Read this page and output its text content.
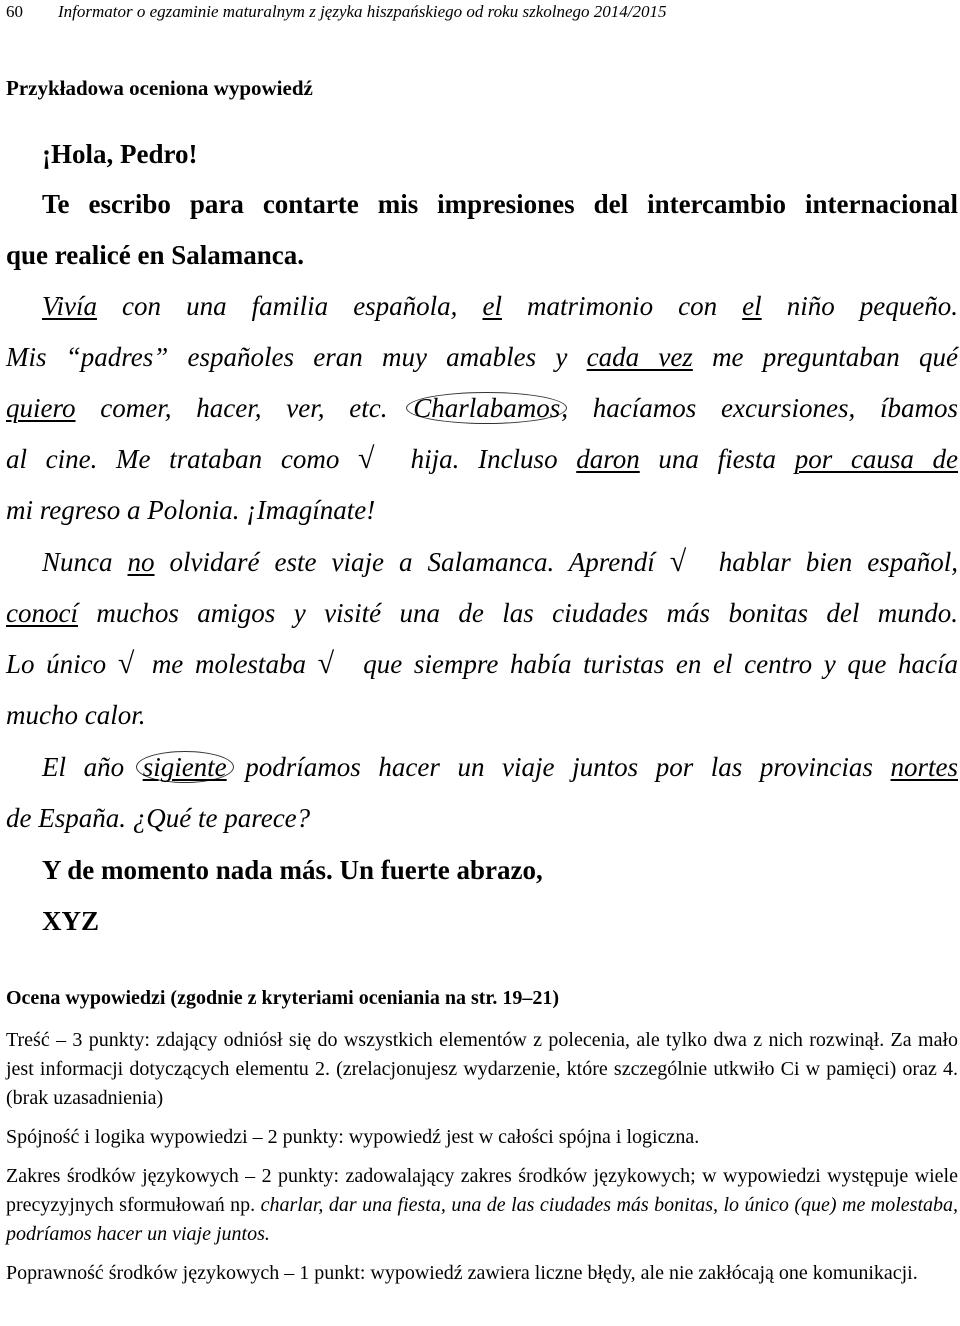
60 Informator o egzaminie maturalnym z języka hiszpańskiego od roku szkolnego 2014/2015
Przykładowa oceniona wypowiedź
¡Hola, Pedro!
Te escribo para contarte mis impresiones del intercambio internacional
que realicé en Salamanca.
Vivía con una familia española, el matrimonio con el niño pequeño.
Mis “padres” españoles eran muy amables y cada vez me preguntaban qué
quiero comer, hacer, ver, etc. Charlabamos, hacíamos excursiones, íbamos
al cine. Me trataban como √ hija. Incluso daron una fiesta por causa de
mi regreso a Polonia. ¡Imagínate!
Nunca no olvidaré este viaje a Salamanca. Aprendí √ hablar bien español,
conocí muchos amigos y visité una de las ciudades más bonitas del mundo.
Lo único √ me molestaba √ que siempre había turistas en el centro y que hacía
mucho calor.
El año sigiente podríamos hacer un viaje juntos por las provincias nortes
de España. ¿Qué te parece?
Y de momento nada más. Un fuerte abrazo,
XYZ
Ocena wypowiedzi (zgodnie z kryteriami oceniania na str. 19–21)
Treść – 3 punkty: zdający odniósł się do wszystkich elementów z polecenia, ale tylko dwa z nich rozwinął. Za mało jest informacji dotyczących elementu 2. (zrelacjonujesz wydarzenie, które szczególnie utkwiło Ci w pamięci) oraz 4. (brak uzasadnienia)
Spójność i logika wypowiedzi – 2 punkty: wypowiedź jest w całości spójna i logiczna.
Zakres środków językowych – 2 punkty: zadowalający zakres środków językowych; w wypowiedzi występuje wiele precyzyjnych sformułowań np. charlar, dar una fiesta, una de las ciudades más bonitas, lo único (que) me molestaba, podríamos hacer un viaje juntos.
Poprawność środków językowych – 1 punkt: wypowiedź zawiera liczne błędy, ale nie zakłócają one komunikacji.
